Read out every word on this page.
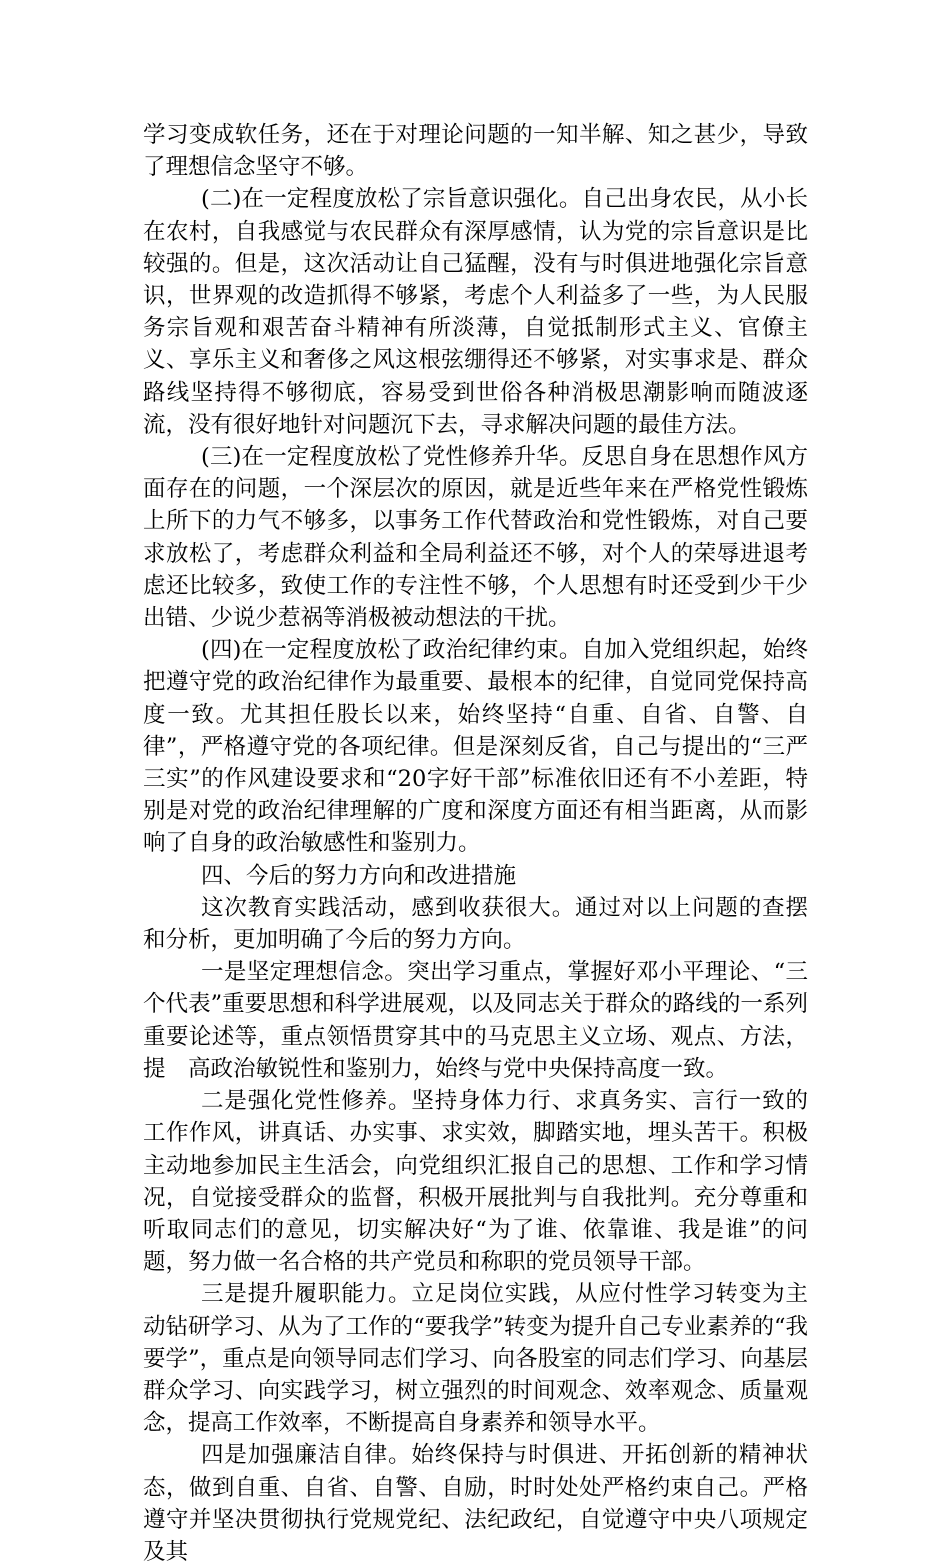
学习变成软任务，还在于对理论问题的一知半解、知之甚少，导致了理想信念坚守不够。

(二)在一定程度放松了宗旨意识强化。自己出身农民，从小长在农村，自我感觉与农民群众有深厚感情，认为党的宗旨意识是比较强的。但是，这次活动让自己猛醒，没有与时俱进地强化宗旨意识，世界观的改造抓得不够紧，考虑个人利益多了一些，为人民服务宗旨观和艰苦奋斗精神有所淡薄，自觉抵制形式主义、官僚主义、享乐主义和奢侈之风这根弦绷得还不够紧，对实事求是、群众路线坚持得不够彻底，容易受到世俗各种消极思潮影响而随波逐流，没有很好地针对问题沉下去，寻求解决问题的最佳方法。

(三)在一定程度放松了党性修养升华。反思自身在思想作风方面存在的问题，一个深层次的原因，就是近些年来在严格党性锻炼上所下的力气不够多，以事务工作代替政治和党性锻炼，对自己要求放松了，考虑群众利益和全局利益还不够，对个人的荣辱进退考虑还比较多，致使工作的专注性不够，个人思想有时还受到少干少出错、少说少惹祸等消极被动想法的干扰。

(四)在一定程度放松了政治纪律约束。自加入党组织起，始终把遵守党的政治纪律作为最重要、最根本的纪律，自觉同党保持高度一致。尤其担任股长以来，始终坚持“自重、自省、自警、自律”，严格遵守党的各项纪律。但是深刻反省，自己与提出的“三严三实”的作风建设要求和“20字好干部”标准依旧还有不小差距，特别是对党的政治纪律理解的广度和深度方面还有相当距离，从而影响了自身的政治敏感性和鉴别力。

四、今后的努力方向和改进措施

这次教育实践活动，感到收获很大。通过对以上问题的查摆和分析，更加明确了今后的努力方向。

一是坚定理想信念。突出学习重点，掌握好邓小平理论、“三个代表”重要思想和科学进展观，以及同志关于群众的路线的一系列重要论述等，重点领悟贯穿其中的马克思主义立场、观点、方法，提　高政治敏锐性和鉴别力，始终与党中央保持高度一致。

二是强化党性修养。坚持身体力行、求真务实、言行一致的工作作风，讲真话、办实事、求实效，脚踏实地，埋头苦干。积极主动地参加民主生活会，向党组织汇报自己的思想、工作和学习情况，自觉接受群众的监督，积极开展批判与自我批判。充分尊重和听取同志们的意见，切实解决好“为了谁、依靠谁、我是谁”的问题，努力做一名合格的共产党员和称职的党员领导干部。

三是提升履职能力。立足岗位实践，从应付性学习转变为主动钻研学习、从为了工作的“要我学”转变为提升自己专业素养的“我要学”，重点是向领导同志们学习、向各股室的同志们学习、向基层群众学习、向实践学习，树立强烈的时间观念、效率观念、质量观念，提高工作效率，不断提高自身素养和领导水平。

四是加强廉洁自律。始终保持与时俱进、开拓创新的精神状态，做到自重、自省、自警、自励，时时处处严格约束自己。严格遵守并坚决贯彻执行党规党纪、法纪政纪，自觉遵守中央八项规定及其
